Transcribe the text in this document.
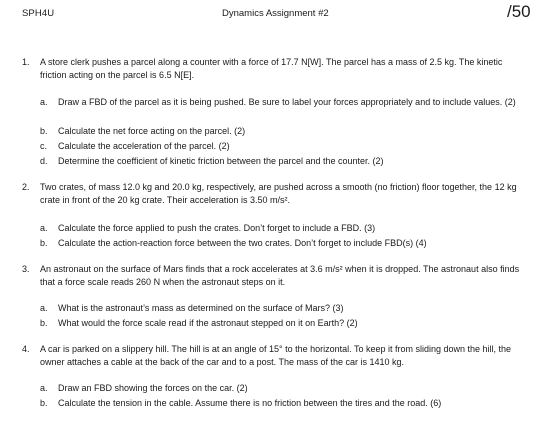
SPH4U	Dynamics Assignment #2	/50
1. A store clerk pushes a parcel along a counter with a force of 17.7 N[W]. The parcel has a mass of 2.5 kg. The kinetic friction acting on the parcel is 6.5 N[E].
a. Draw a FBD of the parcel as it is being pushed. Be sure to label your forces appropriately and to include values. (2)
b. Calculate the net force acting on the parcel. (2)
c. Calculate the acceleration of the parcel. (2)
d. Determine the coefficient of kinetic friction between the parcel and the counter. (2)
2. Two crates, of mass 12.0 kg and 20.0 kg, respectively, are pushed across a smooth (no friction) floor together, the 12 kg crate in front of the 20 kg crate. Their acceleration is 3.50 m/s².
a. Calculate the force applied to push the crates. Don’t forget to include a FBD. (3)
b. Calculate the action-reaction force between the two crates. Don’t forget to include FBD(s) (4)
3. An astronaut on the surface of Mars finds that a rock accelerates at 3.6 m/s² when it is dropped. The astronaut also finds that a force scale reads 260 N when the astronaut steps on it.
a. What is the astronaut’s mass as determined on the surface of Mars? (3)
b. What would the force scale read if the astronaut stepped on it on Earth? (2)
4. A car is parked on a slippery hill. The hill is at an angle of 15° to the horizontal. To keep it from sliding down the hill, the owner attaches a cable at the back of the car and to a post. The mass of the car is 1410 kg.
a. Draw an FBD showing the forces on the car. (2)
b. Calculate the tension in the cable. Assume there is no friction between the tires and the road. (6)
